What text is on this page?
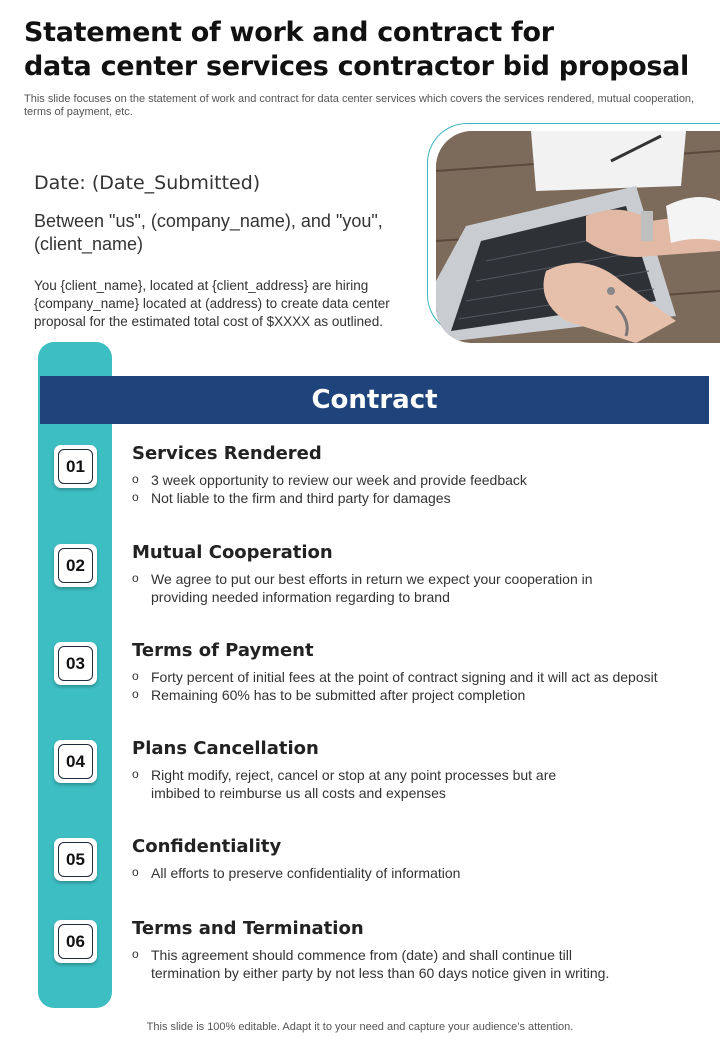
Statement of work and contract for
data center services contractor bid proposal
This slide focuses on the statement of work and contract for data center services which covers the services rendered, mutual cooperation, terms of payment, etc.
Date: (Date_Submitted)
Between "us", (company_name), and "you", (client_name)
You {client_name}, located at {client_address} are hiring {company_name} located at (address) to create data center proposal for the estimated total cost of $XXXX as outlined.
Contract
01
Services Rendered
o 3 week opportunity to review our week and provide feedback
o Not liable to the firm and third party for damages
02
Mutual Cooperation
o We agree to put our best efforts in return we expect your cooperation in providing needed information regarding to brand
03
Terms of Payment
o Forty percent of initial fees at the point of contract signing and it will act as deposit
o Remaining 60% has to be submitted after project completion
04
Plans Cancellation
o Right modify, reject, cancel or stop at any point processes but are imbibed to reimburse us all costs and expenses
05
Confidentiality
o All efforts to preserve confidentiality of information
06
Terms and Termination
o This agreement should commence from (date) and shall continue till termination by either party by not less than 60 days notice given in writing.
This slide is 100% editable. Adapt it to your need and capture your audience’s attention.
